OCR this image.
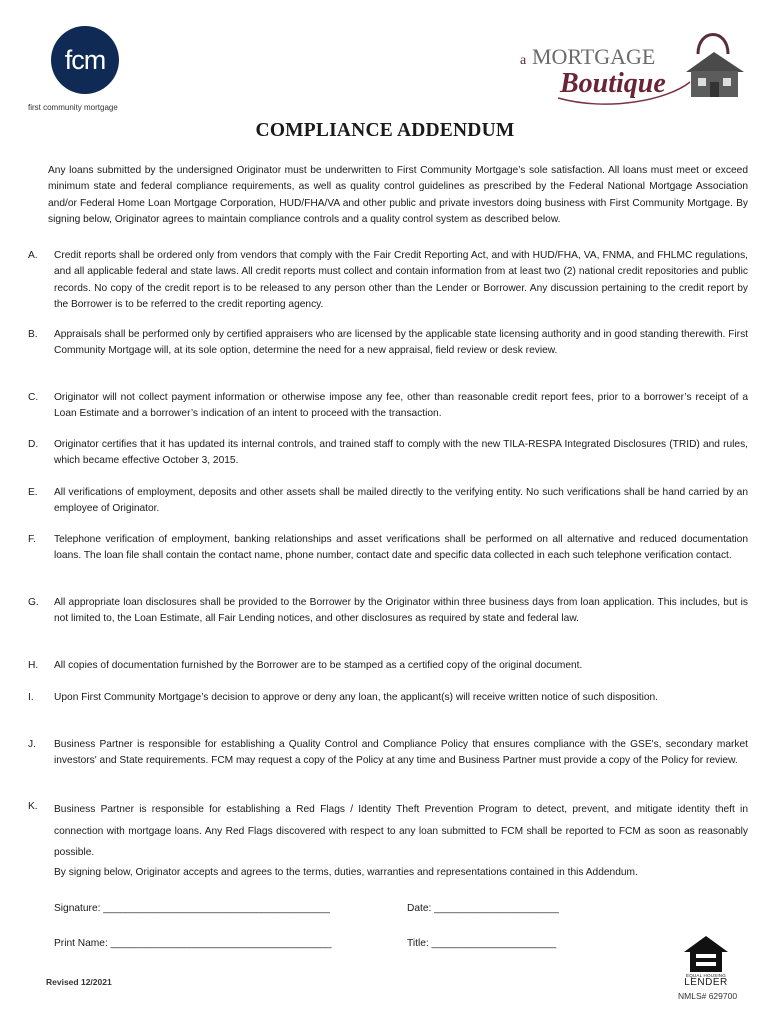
fcm
first community mortgage
a MORTGAGE
Boutique
COMPLIANCE ADDENDUM
Any loans submitted by the undersigned Originator must be underwritten to First Community Mortgage’s sole satisfaction. All loans must meet or exceed minimum state and federal compliance requirements, as well as quality control guidelines as prescribed by the Federal National Mortgage Association and/or Federal Home Loan Mortgage Corporation, HUD/FHA/VA and other public and private investors doing business with First Community Mortgage. By signing below, Originator agrees to maintain compliance controls and a quality control system as described below.
A. Credit reports shall be ordered only from vendors that comply with the Fair Credit Reporting Act, and with HUD/FHA, VA, FNMA, and FHLMC regulations, and all applicable federal and state laws. All credit reports must collect and contain information from at least two (2) national credit repositories and public records. No copy of the credit report is to be released to any person other than the Lender or Borrower. Any discussion pertaining to the credit report by the Borrower is to be referred to the credit reporting agency.
B. Appraisals shall be performed only by certified appraisers who are licensed by the applicable state licensing authority and in good standing therewith. First Community Mortgage will, at its sole option, determine the need for a new appraisal, field review or desk review.
C. Originator will not collect payment information or otherwise impose any fee, other than reasonable credit report fees, prior to a borrower’s receipt of a Loan Estimate and a borrower’s indication of an intent to proceed with the transaction.
D. Originator certifies that it has updated its internal controls, and trained staff to comply with the new TILA-RESPA Integrated Disclosures (TRID) and rules, which became effective October 3, 2015.
E. All verifications of employment, deposits and other assets shall be mailed directly to the verifying entity. No such verifications shall be hand carried by an employee of Originator.
F. Telephone verification of employment, banking relationships and asset verifications shall be performed on all alternative and reduced documentation loans. The loan file shall contain the contact name, phone number, contact date and specific data collected in each such telephone verification contact.
G. All appropriate loan disclosures shall be provided to the Borrower by the Originator within three business days from loan application. This includes, but is not limited to, the Loan Estimate, all Fair Lending notices, and other disclosures as required by state and federal law.
H. All copies of documentation furnished by the Borrower are to be stamped as a certified copy of the original document.
I. Upon First Community Mortgage’s decision to approve or deny any loan, the applicant(s) will receive written notice of such disposition.
J. Business Partner is responsible for establishing a Quality Control and Compliance Policy that ensures compliance with the GSE's, secondary market investors' and State requirements. FCM may request a copy of the Policy at any time and Business Partner must provide a copy of the Policy for review.
K. Business Partner is responsible for establishing a Red Flags / Identity Theft Prevention Program to detect, prevent, and mitigate identity theft in connection with mortgage loans. Any Red Flags discovered with respect to any loan submitted to FCM shall be reported to FCM as soon as reasonably possible.
By signing below, Originator accepts and agrees to the terms, duties, warranties and representations contained in this Addendum.
Signature: ________________________________________	Date: ______________________
Print Name: _______________________________________	Title: ______________________
Revised 12/2021
EQUAL HOUSING
LENDER
NMLS# 629700
